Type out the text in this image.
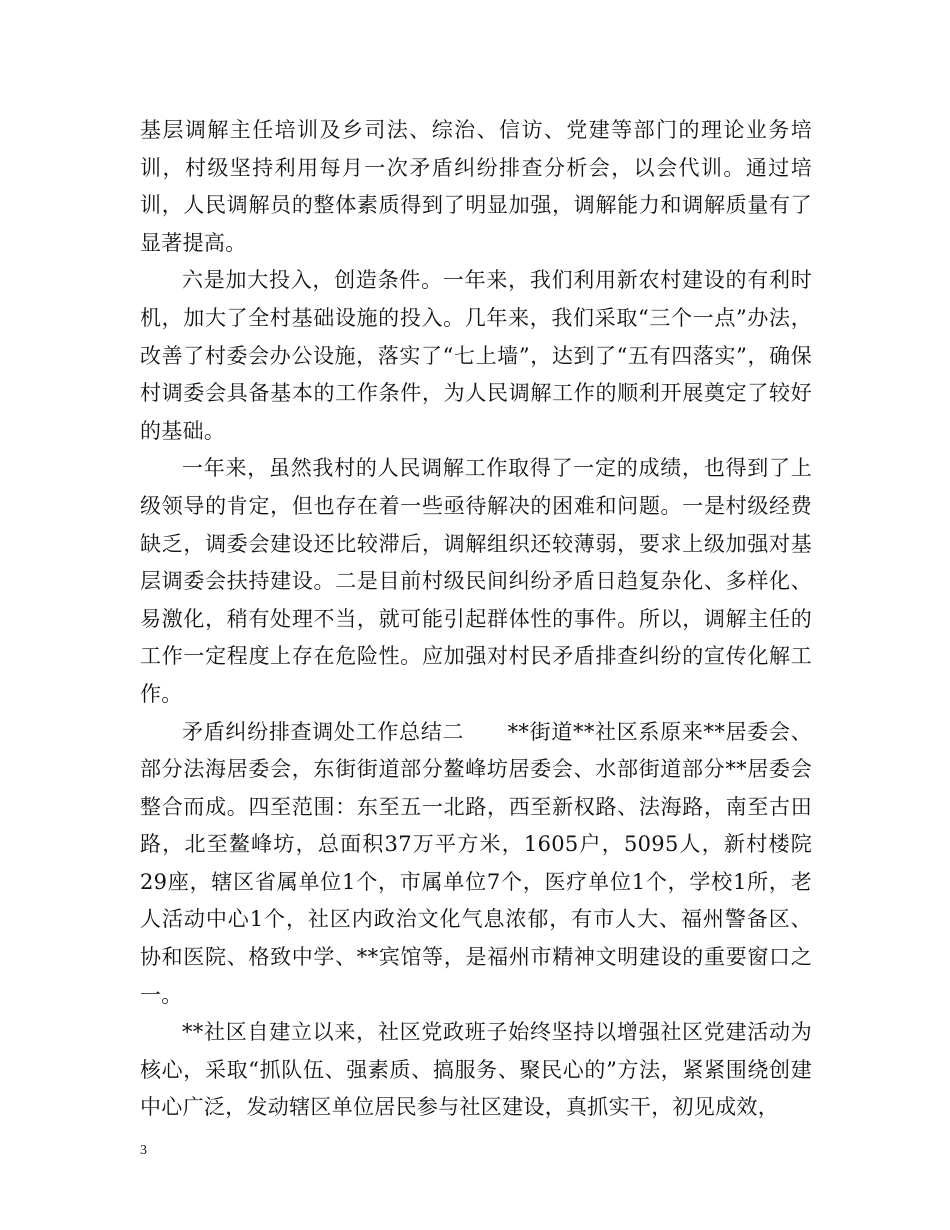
基层调解主任培训及乡司法、综治、信访、党建等部门的理论业务培训，村级坚持利用每月一次矛盾纠纷排查分析会，以会代训。通过培训，人民调解员的整体素质得到了明显加强，调解能力和调解质量有了显著提高。

六是加大投入，创造条件。一年来，我们利用新农村建设的有利时机，加大了全村基础设施的投入。几年来，我们采取“三个一点”办法，改善了村委会办公设施，落实了“七上墙”，达到了“五有四落实”，确保村调委会具备基本的工作条件，为人民调解工作的顺利开展奠定了较好的基础。

一年来，虽然我村的人民调解工作取得了一定的成绩，也得到了上级领导的肯定，但也存在着一些亟待解决的困难和问题。一是村级经费缺乏，调委会建设还比较滞后，调解组织还较薄弱，要求上级加强对基层调委会扶持建设。二是目前村级民间纠纷矛盾日趋复杂化、多样化、易激化，稍有处理不当，就可能引起群体性的事件。所以，调解主任的工作一定程度上存在危险性。应加强对村民矛盾排查纠纷的宣传化解工作。

矛盾纠纷排查调处工作总结二　　**街道**社区系原来**居委会、部分法海居委会，东街街道部分鳌峰坊居委会、水部街道部分**居委会整合而成。四至范围：东至五一北路，西至新权路、法海路，南至古田路，北至鳌峰坊，总面积37万平方米，1605户，5095人，新村楼院29座，辖区省属单位1个，市属单位7个，医疗单位1个，学校1所，老人活动中心1个，社区内政治文化气息浓郁，有市人大、福州警备区、协和医院、格致中学、**宾馆等，是福州市精神文明建设的重要窗口之一。

**社区自建立以来，社区党政班子始终坚持以增强社区党建活动为核心，采取“抓队伍、强素质、搞服务、聚民心的”方法，紧紧围绕创建中心广泛，发动辖区单位居民参与社区建设，真抓实干，初见成效，

3
